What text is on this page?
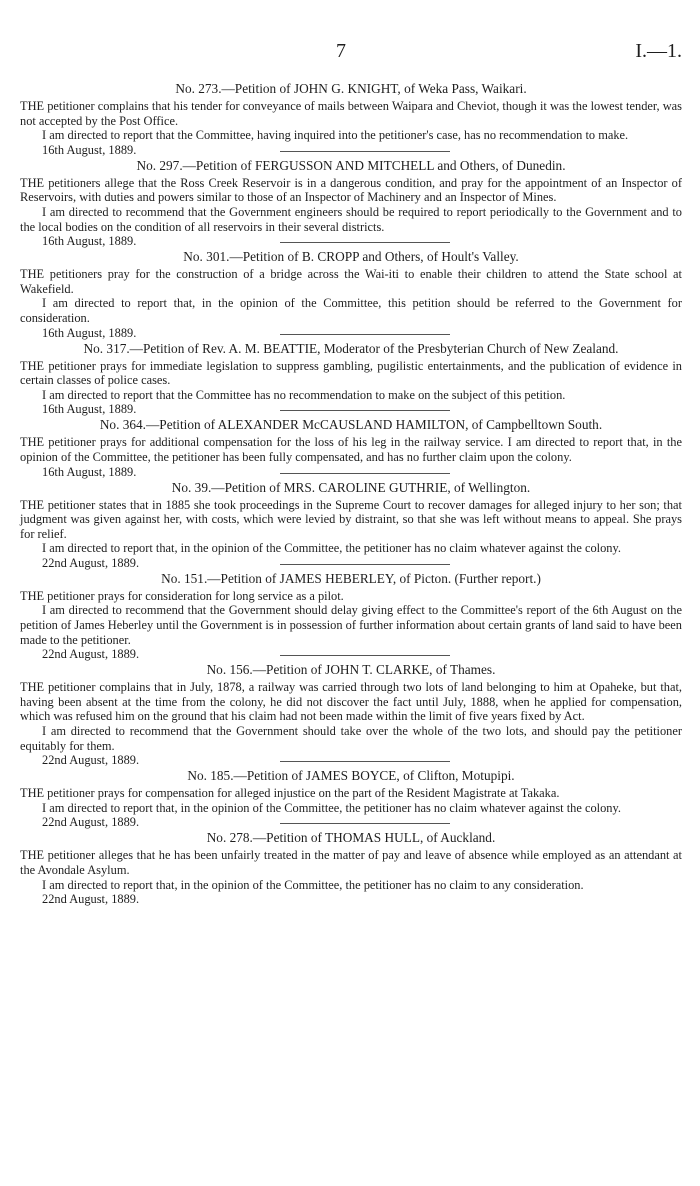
7	I.—1.

No. 273.—Petition of JOHN G. KNIGHT, of Weka Pass, Waikari.

THE petitioner complains that his tender for conveyance of mails between Waipara and Cheviot, though it was the lowest tender, was not accepted by the Post Office.

I am directed to report that the Committee, having inquired into the petitioner's case, has no recommendation to make.

16th August, 1889.

No. 297.—Petition of FERGUSSON AND MITCHELL and Others, of Dunedin.

THE petitioners allege that the Ross Creek Reservoir is in a dangerous condition, and pray for the appointment of an Inspector of Reservoirs, with duties and powers similar to those of an Inspector of Machinery and an Inspector of Mines.

I am directed to recommend that the Government engineers should be required to report periodically to the Government and to the local bodies on the condition of all reservoirs in their several districts.

16th August, 1889.

No. 301.—Petition of B. CROPP and Others, of Hoult's Valley.

THE petitioners pray for the construction of a bridge across the Wai-iti to enable their children to attend the State school at Wakefield.

I am directed to report that, in the opinion of the Committee, this petition should be referred to the Government for consideration.

16th August, 1889.

No. 317.—Petition of Rev. A. M. BEATTIE, Moderator of the Presbyterian Church of New Zealand.

THE petitioner prays for immediate legislation to suppress gambling, pugilistic entertainments, and the publication of evidence in certain classes of police cases.

I am directed to report that the Committee has no recommendation to make on the subject of this petition.

16th August, 1889.

No. 364.—Petition of ALEXANDER McCAUSLAND HAMILTON, of Campbelltown South.

THE petitioner prays for additional compensation for the loss of his leg in the railway service. I am directed to report that, in the opinion of the Committee, the petitioner has been fully compensated, and has no further claim upon the colony.

16th August, 1889.

No. 39.—Petition of MRS. CAROLINE GUTHRIE, of Wellington.

THE petitioner states that in 1885 she took proceedings in the Supreme Court to recover damages for alleged injury to her son; that judgment was given against her, with costs, which were levied by distraint, so that she was left without means to appeal. She prays for relief.

I am directed to report that, in the opinion of the Committee, the petitioner has no claim whatever against the colony.

22nd August, 1889.

No. 151.—Petition of JAMES HEBERLEY, of Picton. (Further report.)

THE petitioner prays for consideration for long service as a pilot.

I am directed to recommend that the Government should delay giving effect to the Committee's report of the 6th August on the petition of James Heberley until the Government is in possession of further information about certain grants of land said to have been made to the petitioner.

22nd August, 1889.

No. 156.—Petition of JOHN T. CLARKE, of Thames.

THE petitioner complains that in July, 1878, a railway was carried through two lots of land belonging to him at Opaheke, but that, having been absent at the time from the colony, he did not discover the fact until July, 1888, when he applied for compensation, which was refused him on the ground that his claim had not been made within the limit of five years fixed by Act.

I am directed to recommend that the Government should take over the whole of the two lots, and should pay the petitioner equitably for them.

22nd August, 1889.

No. 185.—Petition of JAMES BOYCE, of Clifton, Motupipi.

THE petitioner prays for compensation for alleged injustice on the part of the Resident Magistrate at Takaka.

I am directed to report that, in the opinion of the Committee, the petitioner has no claim whatever against the colony.

22nd August, 1889.

No. 278.—Petition of THOMAS HULL, of Auckland.

THE petitioner alleges that he has been unfairly treated in the matter of pay and leave of absence while employed as an attendant at the Avondale Asylum.

I am directed to report that, in the opinion of the Committee, the petitioner has no claim to any consideration.

22nd August, 1889.
